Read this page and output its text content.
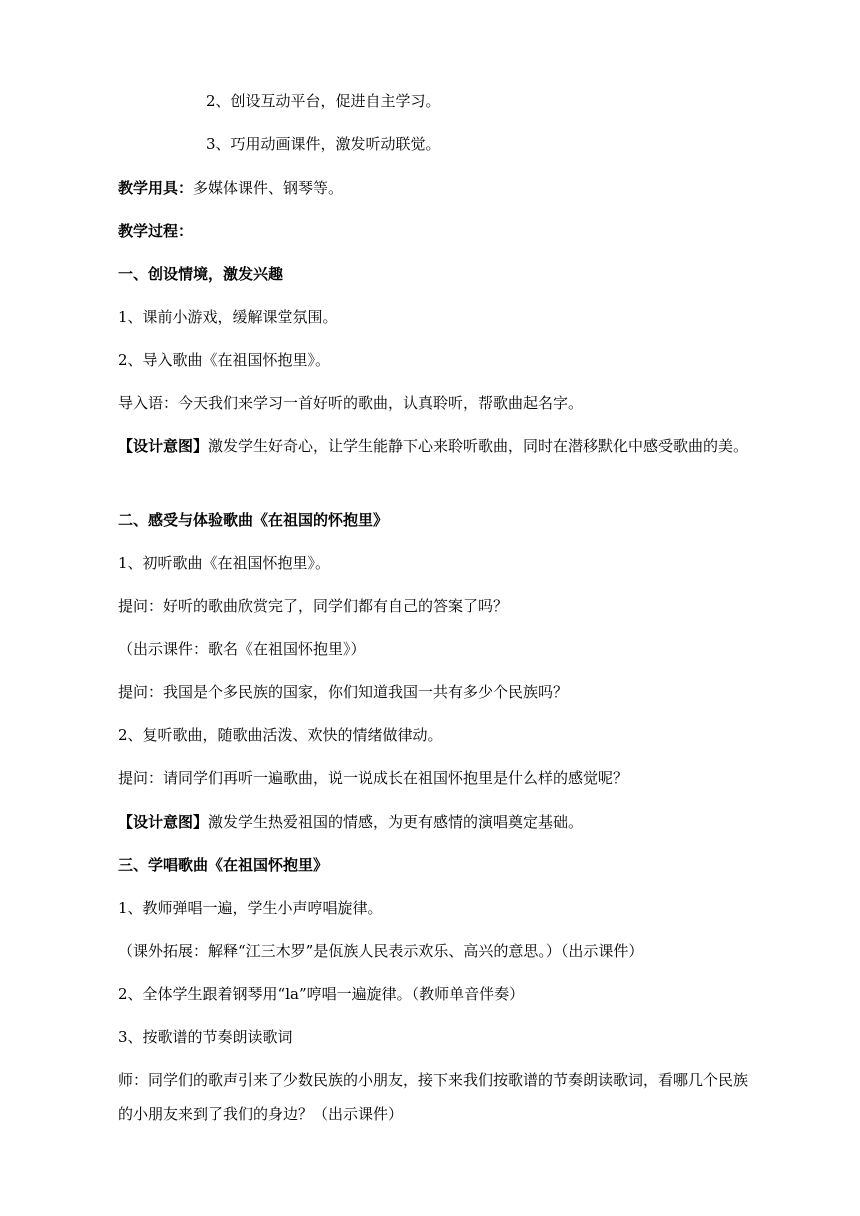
2、创设互动平台，促进自主学习。
3、巧用动画课件，激发听动联觉。
教学用具：多媒体课件、钢琴等。
教学过程：
一、创设情境，激发兴趣
1、课前小游戏，缓解课堂氛围。
2、导入歌曲《在祖国怀抱里》。
导入语：今天我们来学习一首好听的歌曲，认真聆听，帮歌曲起名字。
【设计意图】激发学生好奇心，让学生能静下心来聆听歌曲，同时在潜移默化中感受歌曲的美。
二、感受与体验歌曲《在祖国的怀抱里》
1、初听歌曲《在祖国怀抱里》。
提问：好听的歌曲欣赏完了，同学们都有自己的答案了吗？
（出示课件：歌名《在祖国怀抱里》）
提问：我国是个多民族的国家，你们知道我国一共有多少个民族吗？
2、复听歌曲，随歌曲活泼、欢快的情绪做律动。
提问：请同学们再听一遍歌曲，说一说成长在祖国怀抱里是什么样的感觉呢？
【设计意图】激发学生热爱祖国的情感，为更有感情的演唱奠定基础。
三、学唱歌曲《在祖国怀抱里》
1、教师弹唱一遍，学生小声哼唱旋律。
（课外拓展：解释“江三木罗”是佤族人民表示欢乐、高兴的意思。）（出示课件）
2、全体学生跟着钢琴用“la”哼唱一遍旋律。（教师单音伴奏）
3、按歌谱的节奏朗读歌词
师：同学们的歌声引来了少数民族的小朋友，接下来我们按歌谱的节奏朗读歌词，看哪几个民族的小朋友来到了我们的身边？（出示课件）
